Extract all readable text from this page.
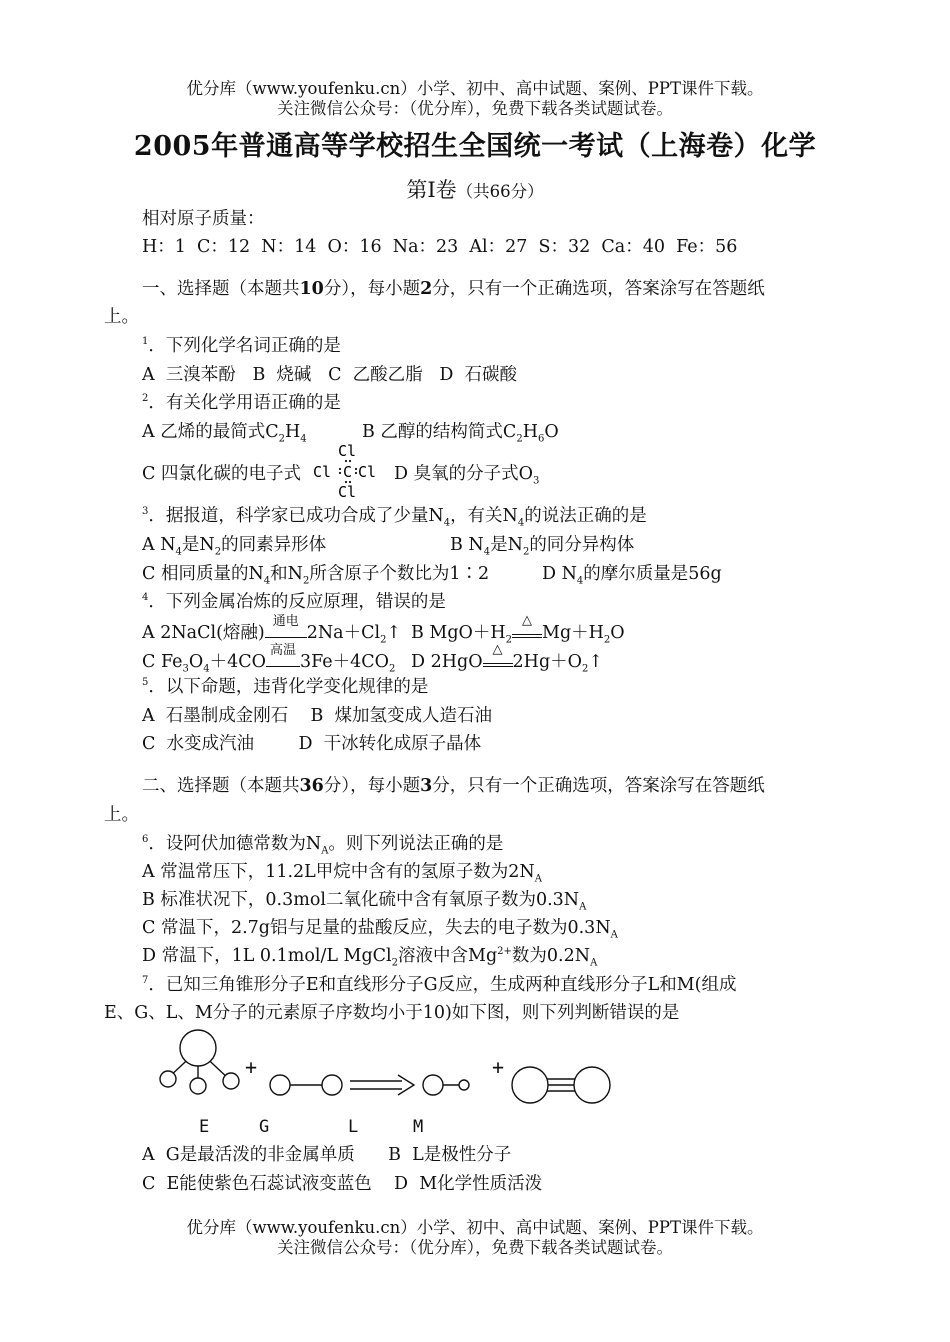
优分库（www.youfenku.cn）小学、初中、高中试题、案例、PPT课件下载。
关注微信公众号：（优分库），免费下载各类试题试卷。
2005年普通高等学校招生全国统一考试（上海卷）化学
第I卷（共66分）
相对原子质量：
H：1  C：12  N：14  O：16  Na：23  Al：27  S：32  Ca：40  Fe：56
一、选择题（本题共10分），每小题2分，只有一个正确选项，答案涂写在答题纸
上。
$^1$．下列化学名词正确的是
A  三溴苯酚   B  烧碱   C  乙酸乙脂   D  石碳酸
$^2$．有关化学用语正确的是
A 乙烯的最简式$C_2H_4$	B 乙醇的结构简式$C_2H_6O$
C 四氯化碳的电子式
Cl
Cl C Cl
Cl
D 臭氧的分子式$O_3$
$^3$．据报道，科学家已成功合成了少量$N_4$，有关$N_4$的说法正确的是
A $N_4$是$N_2$的同素异形体	B $N_4$是$N_2$的同分异构体
C 相同质量的$N_4$和$N_2$所含原子个数比为1∶2	D $N_4$的摩尔质量是56g
$^4$．下列金属冶炼的反应原理，错误的是
A 2NaCl(熔融)
通电
$2Na+Cl_2↑$ B $MgO+H_2$
△
$Mg+H_2O$
C $Fe_3O_4+4CO$
高温
$3Fe+4CO_2$ D 2HgO
△
$2Hg+O_2↑$
$^5$．以下命题，违背化学变化规律的是
A  石墨制成金刚石    B  煤加氢变成人造石油
C  水变成汽油        D  干冰转化成原子晶体
二、选择题（本题共36分），每小题3分，只有一个正确选项，答案涂写在答题纸
上。
$^6$．设阿伏加德常数为$N_A$。则下列说法正确的是
A 常温常压下，11.2L甲烷中含有的氢原子数为$2N_A$
B 标准状况下，0.3mol二氧化硫中含有氧原子数为$0.3N_A$
C 常温下，2.7g铝与足量的盐酸反应，失去的电子数为$0.3N_A$
D 常温下，1L 0.1mol/L MgCl$_2$溶液中含$Mg^{2+}$数为$0.2N_A$
$^7$．已知三角锥形分子E和直线形分子G反应，生成两种直线形分子L和M(组成
E、G、L、M分子的元素原子序数均小于10)如下图，则下列判断错误的是
+	+
E	G	L	M
A  G是最活泼的非金属单质      B  L是极性分子
C  E能使紫色石蕊试液变蓝色    D  M化学性质活泼
优分库（www.youfenku.cn）小学、初中、高中试题、案例、PPT课件下载。
关注微信公众号：（优分库），免费下载各类试题试卷。
